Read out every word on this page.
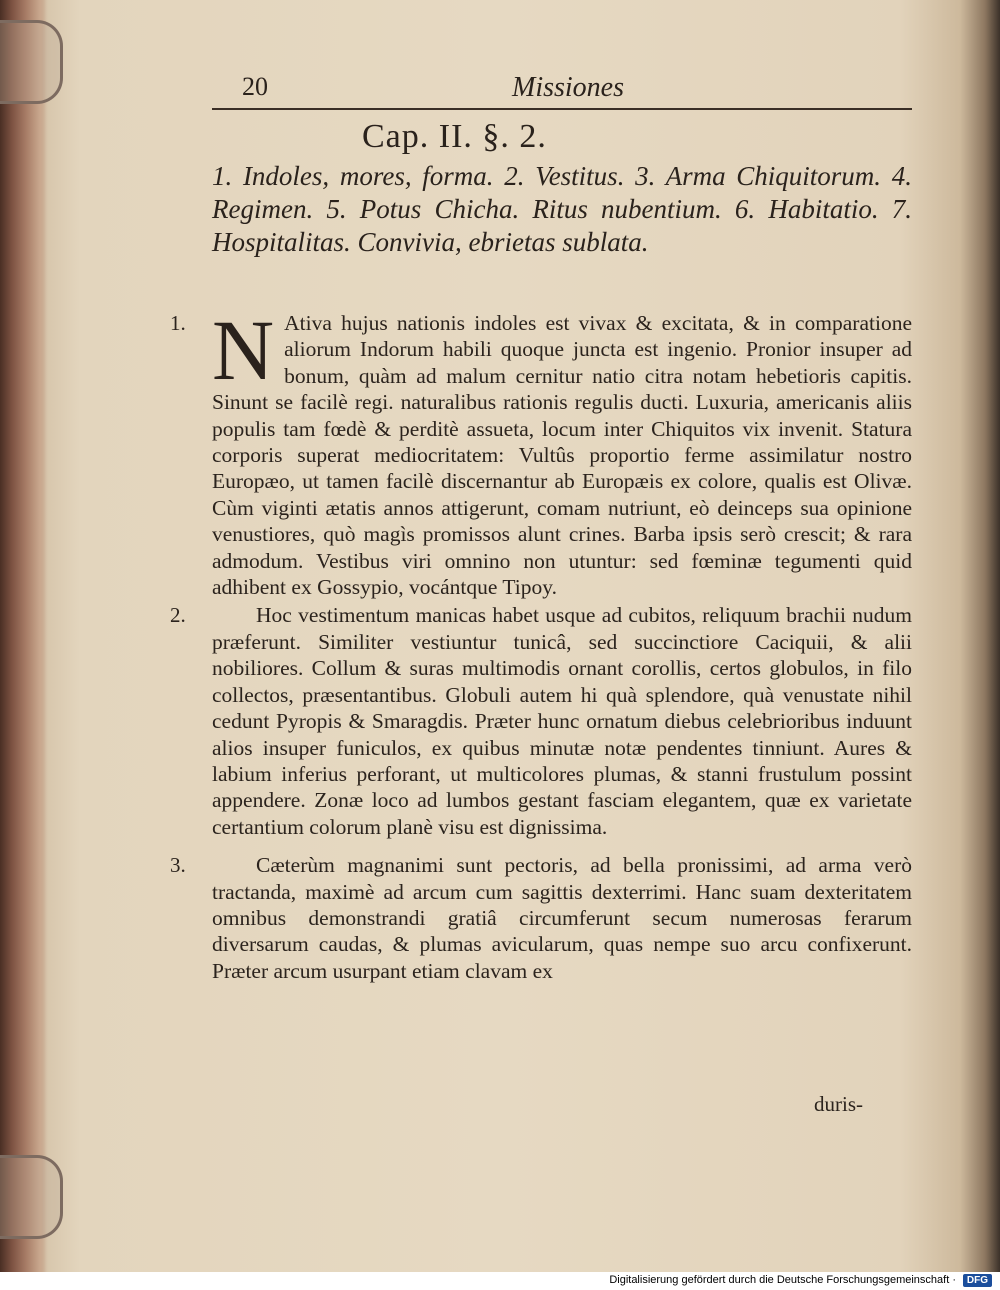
20	Missiones
Cap. II. §. 2.
1. Indoles, mores, forma. 2. Vestitus. 3. Arma Chiquitorum. 4. Regimen. 5. Potus Chicha. Ritus nubentium. 6. Habitatio. 7. Hospitalitas. Convivia, ebrietas sublata.

1. N Ativa hujus nationis indoles est vivax & excitata, & in comparatione aliorum Indorum habili quoque juncta est ingenio. Pronior insuper ad bonum, quàm ad malum cernitur natio citra notam hebetioris capitis. Sinunt se facilè regi. naturalibus rationis regulis ducti. Luxuria, americanis aliis populis tam fœdè & perditè assueta, locum inter Chiquitos vix invenit. Statura corporis superat mediocritatem: Vultûs proportio ferme assimilatur nostro Europæo, ut tamen facilè discernantur ab Europæis ex colore, qualis est Olivæ. Cùm viginti ætatis annos attigerunt, comam nutriunt, eò deinceps sua opinione venustiores, quò magìs promissos alunt crines. Barba ipsis serò crescit; & rara admodum. Vestibus viri omnino non utuntur: sed fœminæ tegumenti quid adhibent ex Gossypio, vocántque Tipoy.

2.	Hoc vestimentum manicas habet usque ad cubitos, reliquum brachii nudum præferunt. Similiter vestiuntur tunicâ, sed succinctiore Caciquii, & alii nobiliores. Collum & suras multimodis ornant corollis, certos globulos, in filo collectos, præsentantibus. Globuli autem hi quà splendore, quà venustate nihil cedunt Pyropis & Smaragdis. Præter hunc ornatum diebus celebrioribus induunt alios insuper funiculos, ex quibus minutæ notæ pendentes tinniunt. Aures & labium inferius perforant, ut multicolores plumas, & stanni frustulum possint appendere. Zonæ loco ad lumbos gestant fasciam elegantem, quæ ex varietate certantium colorum planè visu est dignissima.

3.	Cæterùm magnanimi sunt pectoris, ad bella pronissimi, ad arma verò tractanda, maximè ad arcum cum sagittis dexterrimi. Hanc suam dexteritatem omnibus demonstrandi gratiâ circumferunt secum numerosas ferarum diversarum caudas, & plumas avicularum, quas nempe suo arcu confixerunt. Præter arcum usurpant etiam clavam ex

duris-
Digitalisierung gefördert durch die Deutsche Forschungsgemeinschaft ·	DFG
